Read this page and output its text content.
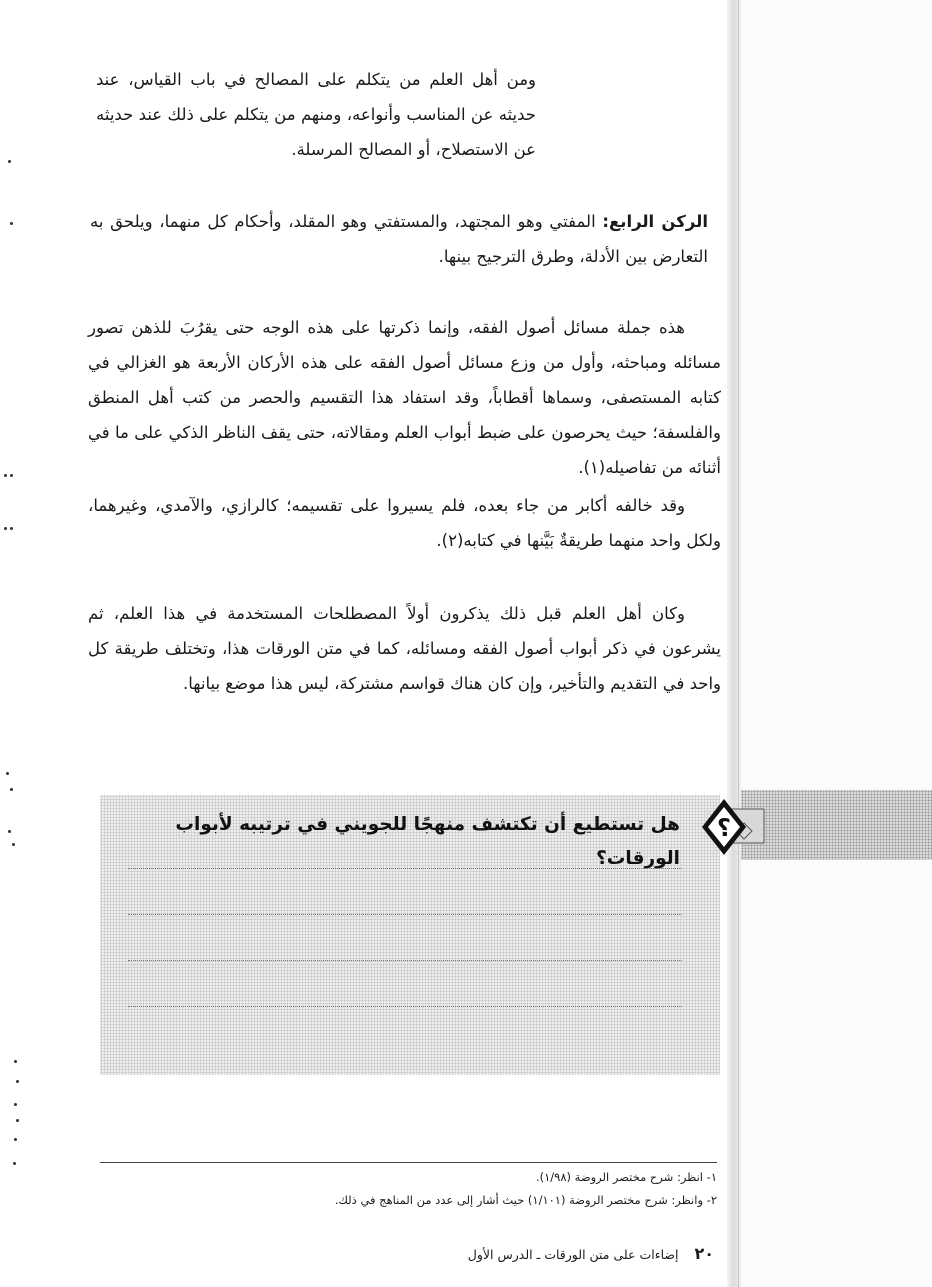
ومن أهل العلم من يتكلم على المصالح في باب القياس، عند حديثه عن المناسب وأنواعه، ومنهم من يتكلم على ذلك عند حديثه عن الاستصلاح، أو المصالح المرسلة.

الركن الرابع: المفتي وهو المجتهد، والمستفتي وهو المقلد، وأحكام كل منهما، ويلحق به التعارض بين الأدلة، وطرق الترجيح بينها.

هذه جملة مسائل أصول الفقه، وإنما ذكرتها على هذه الوجه حتى يقرُبَ للذهن تصور مسائله ومباحثه، وأول من وزع مسائل أصول الفقه على هذه الأركان الأربعة هو الغزالي في كتابه المستصفى، وسماها أقطاباً، وقد استفاد هذا التقسيم والحصر من كتب أهل المنطق والفلسفة؛ حيث يحرصون على ضبط أبواب العلم ومقالاته، حتى يقف الناظر الذكي على ما في أثنائه من تفاصيله(١).

وقد خالفه أكابر من جاء بعده، فلم يسيروا على تقسيمه؛ كالرازي، والآمدي، وغيرهما، ولكل واحد منهما طريقةٌ بَيَّنها في كتابه(٢).

وكان أهل العلم قبل ذلك يذكرون أولاً المصطلحات المستخدمة في هذا العلم، ثم يشرعون في ذكر أبواب أصول الفقه ومسائله، كما في متن الورقات هذا، وتختلف طريقة كل واحد في التقديم والتأخير، وإن كان هناك قواسم مشتركة، ليس هذا موضع بيانها.

هل تستطيع أن تكتشف منهجًا للجويني في ترتيبه لأبواب الورقات؟
؟
١- انظر: شرح مختصر الروضة (١/٩٨).
٢- وانظر: شرح مختصر الروضة (١/١٠١) حيث أشار إلى عدد من المناهج في ذلك.
٢٠ إضاءات على متن الورقات ـ الدرس الأول
